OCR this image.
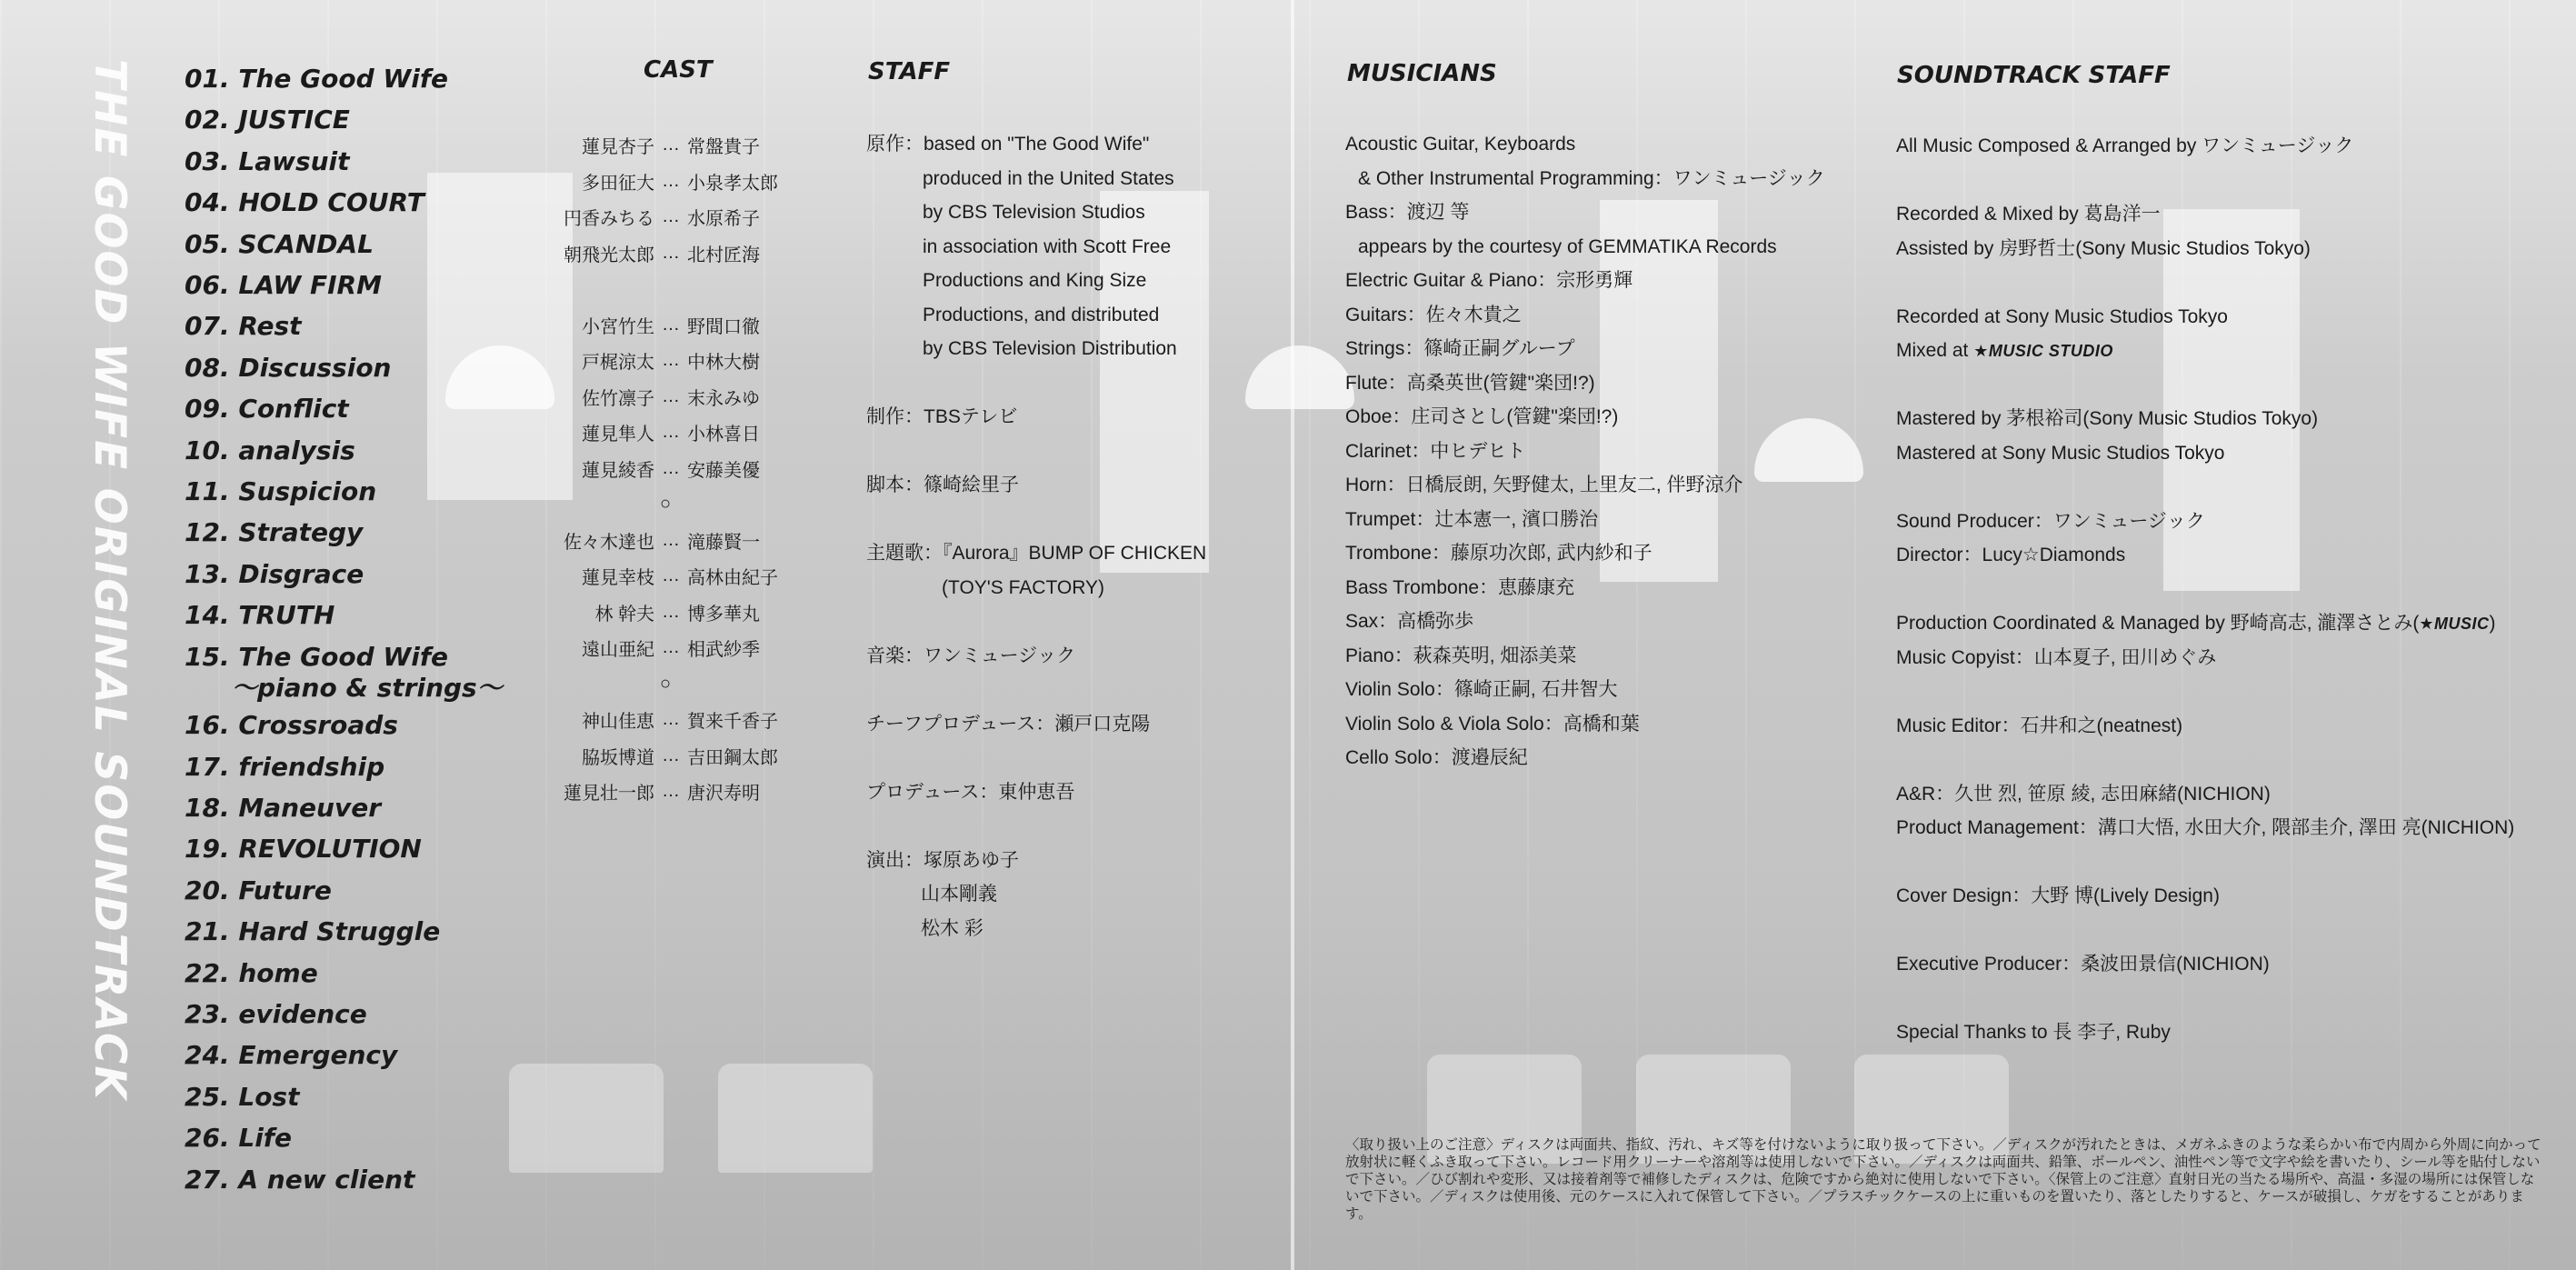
THE GOOD WIFE ORIGINAL SOUNDTRACK 01. The Good Wife
02. JUSTICE
03. Lawsuit
04. HOLD COURT
05. SCANDAL
06. LAW FIRM
07. Rest
08. Discussion
09. Conflict
10. analysis
11. Suspicion
12. Strategy
13. Disgrace
14. TRUTH
15. The Good Wife
～piano & strings～
16. Crossroads
17. friendship
18. Maneuver
19. REVOLUTION
20. Future
21. Hard Struggle
22. home
23. evidence
24. Emergency
25. Lost
26. Life
27. A new client
CAST	STAFF	MUSICIANS	SOUNDTRACK STAFF
蓮見杏子 … 常盤貴子
多田征大 … 小泉孝太郎
円香みちる … 水原希子
朝飛光太郎 … 北村匠海
小宮竹生 … 野間口徹
戸梶涼太 … 中林大樹
佐竹凛子 … 末永みゆ
蓮見隼人 … 小林喜日
蓮見綾香 … 安藤美優
○
佐々木達也 … 滝藤賢一
蓮見幸枝 … 高林由紀子
林 幹夫 … 博多華丸
遠山亜紀 … 相武紗季
○
神山佳恵 … 賀来千香子
脇坂博道 … 吉田鋼太郎
蓮見壮一郎 … 唐沢寿明
原作：based on "The Good Wife"
produced in the United States
by CBS Television Studios
in association with Scott Free
Productions and King Size
Productions, and distributed
by CBS Television Distribution
制作：TBSテレビ
脚本：篠崎絵里子
主題歌：『Aurora』BUMP OF CHICKEN
(TOY'S FACTORY)
音楽：ワンミュージック
チーフプロデュース：瀬戸口克陽
プロデュース：東仲恵吾
演出：塚原あゆ子
山本剛義
松木 彩
Acoustic Guitar, Keyboards
& Other Instrumental Programming：ワンミュージック
Bass：渡辺 等
appears by the courtesy of GEMMATIKA Records
Electric Guitar & Piano：宗形勇輝
Guitars：佐々木貴之
Strings：篠崎正嗣グループ
Flute：高桑英世(管鍵"楽団!?)
Oboe：庄司さとし(管鍵"楽団!?)
Clarinet：中ヒデヒト
Horn：日橋辰朗, 矢野健太, 上里友二, 伴野涼介
Trumpet：辻本憲一, 濱口勝治
Trombone：藤原功次郎, 武内紗和子
Bass Trombone：恵藤康充
Sax：高橋弥歩
Piano：萩森英明, 畑添美菜
Violin Solo：篠崎正嗣, 石井智大
Violin Solo & Viola Solo：高橋和葉
Cello Solo：渡邉辰紀
All Music Composed & Arranged by ワンミュージック
Recorded & Mixed by 葛島洋一
Assisted by 房野哲士(Sony Music Studios Tokyo)
Recorded at Sony Music Studios Tokyo
Mixed at ★MUSIC STUDIO
Mastered by 茅根裕司(Sony Music Studios Tokyo)
Mastered at Sony Music Studios Tokyo
Sound Producer：ワンミュージック
Director：Lucy☆Diamonds
Production Coordinated & Managed by 野崎高志, 瀧澤さとみ(★MUSIC)
Music Copyist：山本夏子, 田川めぐみ
Music Editor：石井和之(neatnest)
A&R：久世 烈, 笹原 綾, 志田麻緒(NICHION)
Product Management：溝口大悟, 水田大介, 隈部圭介, 澤田 亮(NICHION)
Cover Design：大野 博(Lively Design)
Executive Producer：桑波田景信(NICHION)
Special Thanks to 長 李子, Ruby
〈取り扱い上のご注意〉ディスクは両面共、指紋、汚れ、キズ等を付けないように取り扱って下さい。／ディスクが汚れたときは、メガネふきのような柔らかい布で内周から外周に向かって放射状に軽くふき取って下さい。レコード用クリーナーや溶剤等は使用しないで下さい。／ディスクは両面共、鉛筆、ボールペン、油性ペン等で文字や絵を書いたり、シール等を貼付しないで下さい。／ひび割れや変形、又は接着剤等で補修したディスクは、危険ですから絶対に使用しないで下さい。〈保管上のご注意〉直射日光の当たる場所や、高温・多湿の場所には保管しないで下さい。／ディスクは使用後、元のケースに入れて保管して下さい。／プラスチックケースの上に重いものを置いたり、落としたりすると、ケースが破損し、ケガをすることがあります。
